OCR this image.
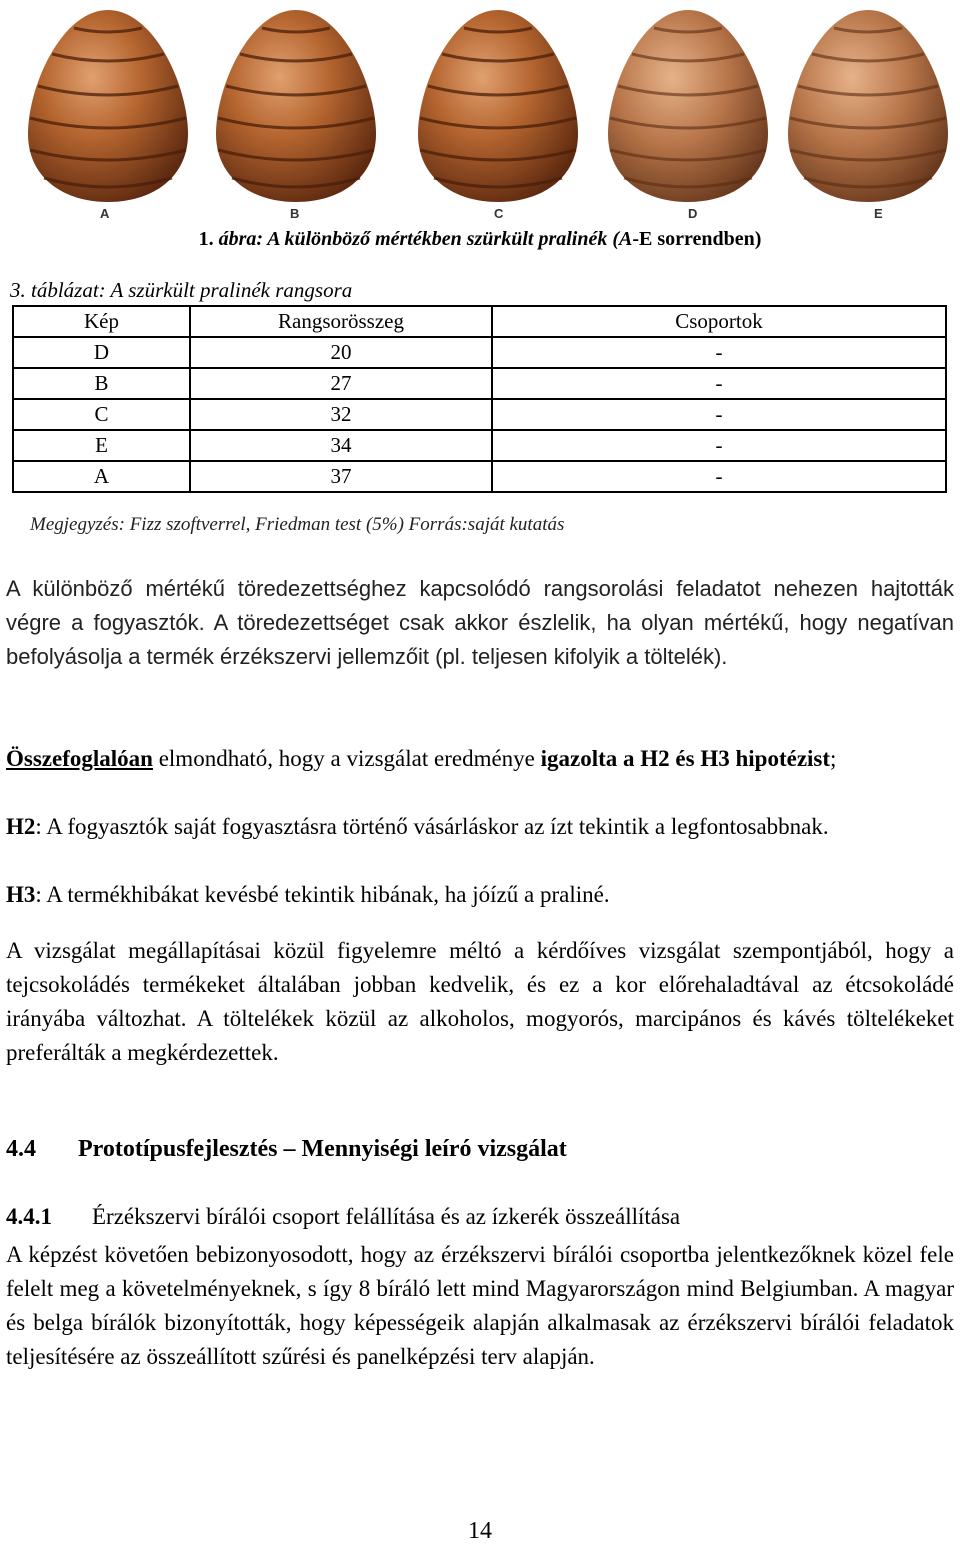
A	B	C	D	E
1. ábra: A különböző mértékben szürkült pralinék (A-E sorrendben)
3. táblázat: A szürkült pralinék rangsora
Kép	Rangsorösszeg	Csoportok
D	20	-
B	27	-
C	32	-
E	34	-
A	37	-
Megjegyzés: Fizz szoftverrel, Friedman test (5%) Forrás:saját kutatás
A különböző mértékű töredezettséghez kapcsolódó rangsorolási feladatot nehezen hajtották végre a fogyasztók. A töredezettséget csak akkor észlelik, ha olyan mértékű, hogy negatívan befolyásolja a termék érzékszervi jellemzőit (pl. teljesen kifolyik a töltelék).
Összefoglalóan elmondható, hogy a vizsgálat eredménye igazolta a H2 és H3 hipotézist;
H2: A fogyasztók saját fogyasztásra történő vásárláskor az ízt tekintik a legfontosabbnak.
H3: A termékhibákat kevésbé tekintik hibának, ha jóízű a praliné.
A vizsgálat megállapításai közül figyelemre méltó a kérdőíves vizsgálat szempontjából, hogy a tejcsokoládés termékeket általában jobban kedvelik, és ez a kor előrehaladtával az étcsokoládé irányába változhat. A töltelékek közül az alkoholos, mogyorós, marcipános és kávés töltelékeket preferálták a megkérdezettek.
4.4 Prototípusfejlesztés – Mennyiségi leíró vizsgálat
4.4.1 Érzékszervi bírálói csoport felállítása és az ízkerék összeállítása
A képzést követően bebizonyosodott, hogy az érzékszervi bírálói csoportba jelentkezőknek közel fele felelt meg a követelményeknek, s így 8 bíráló lett mind Magyarországon mind Belgiumban. A magyar és belga bírálók bizonyították, hogy képességeik alapján alkalmasak az érzékszervi bírálói feladatok teljesítésére az összeállított szűrési és panelképzési terv alapján.
14
